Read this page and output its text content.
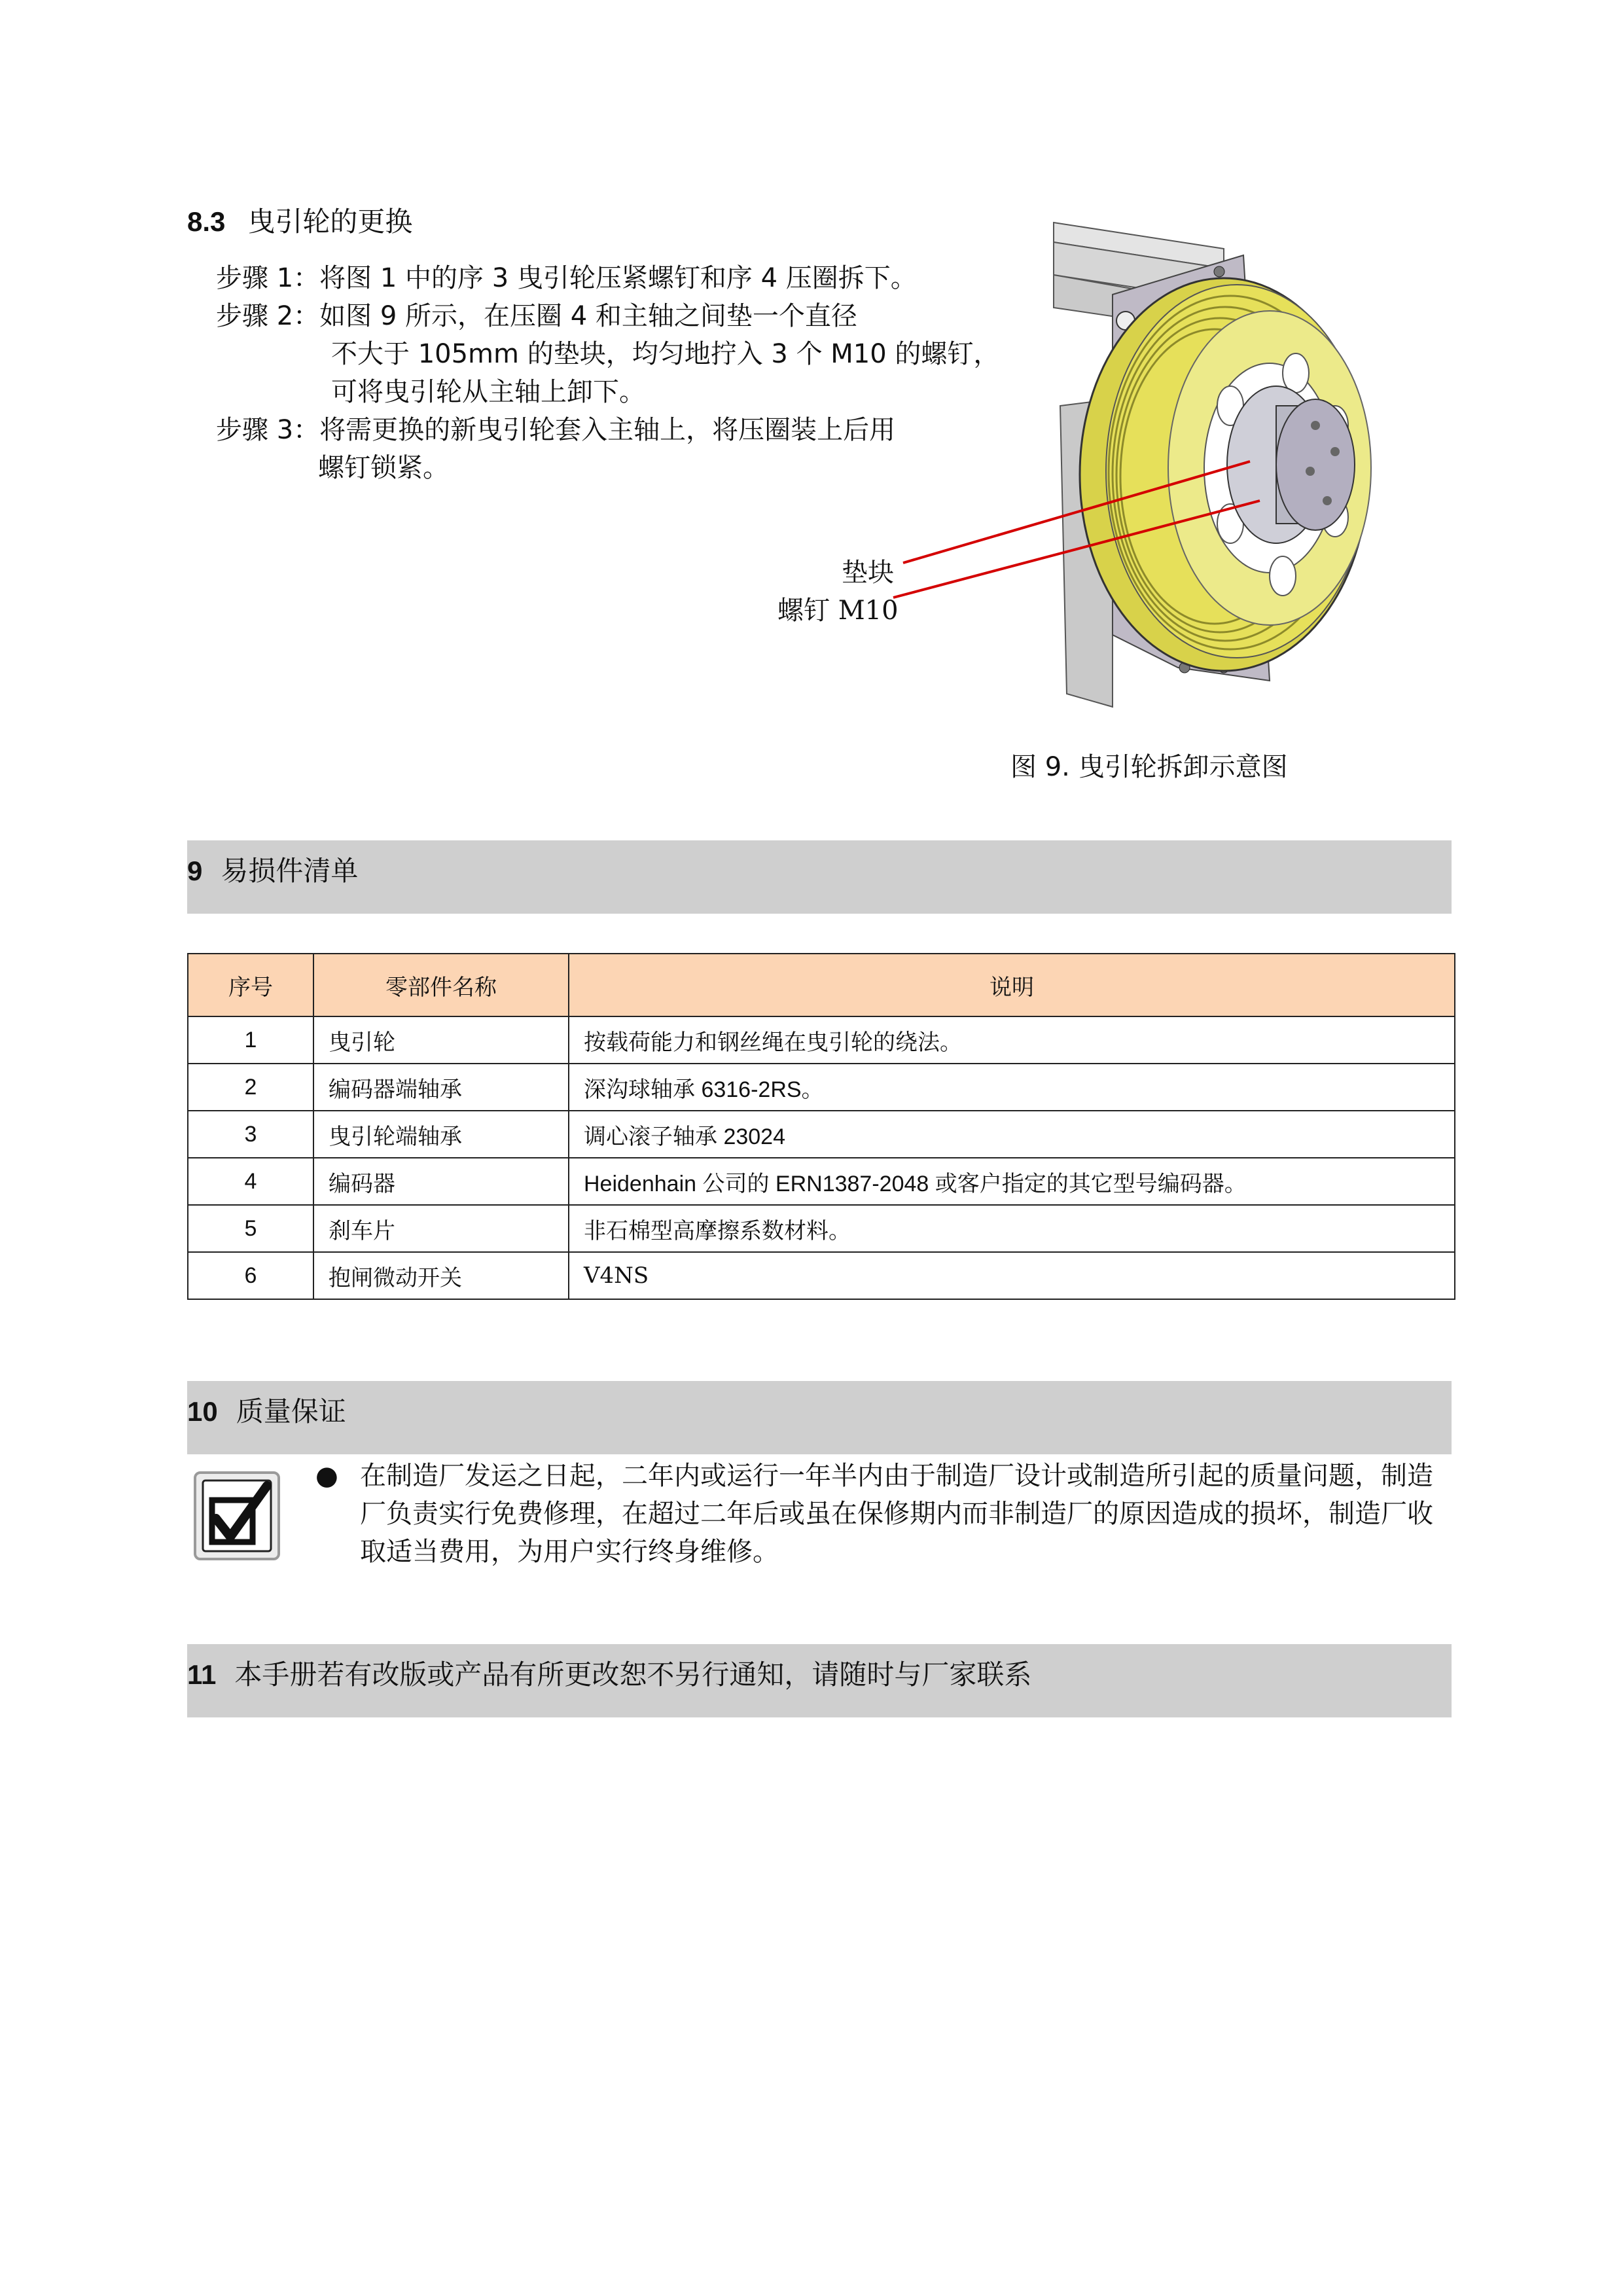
8.3 曳引轮的更换
步骤 1：将图 1 中的序 3 曳引轮压紧螺钉和序 4 压圈拆下。
步骤 2：如图 9 所示，在压圈 4 和主轴之间垫一个直径
不大于 105mm 的垫块，均匀地拧入 3 个 M10 的螺钉，
可将曳引轮从主轴上卸下。
步骤 3：将需更换的新曳引轮套入主轴上，将压圈装上后用
螺钉锁紧。
垫块
螺钉 M10
图 9. 曳引轮拆卸示意图
9 易损件清单
序号	零部件名称	说明
1	曳引轮	按载荷能力和钢丝绳在曳引轮的绕法。
2	编码器端轴承	深沟球轴承 6316-2RS。
3	曳引轮端轴承	调心滚子轴承 23024
4	编码器	Heidenhain 公司的 ERN1387-2048 或客户指定的其它型号编码器。
5	刹车片	非石棉型高摩擦系数材料。
6	抱闸微动开关	V4NS
10 质量保证
● 在制造厂发运之日起，二年内或运行一年半内由于制造厂设计或制造所引起的质量问题，制造厂负责实行免费修理，在超过二年后或虽在保修期内而非制造厂的原因造成的损坏，制造厂收取适当费用，为用户实行终身维修。
11 本手册若有改版或产品有所更改恕不另行通知，请随时与厂家联系
